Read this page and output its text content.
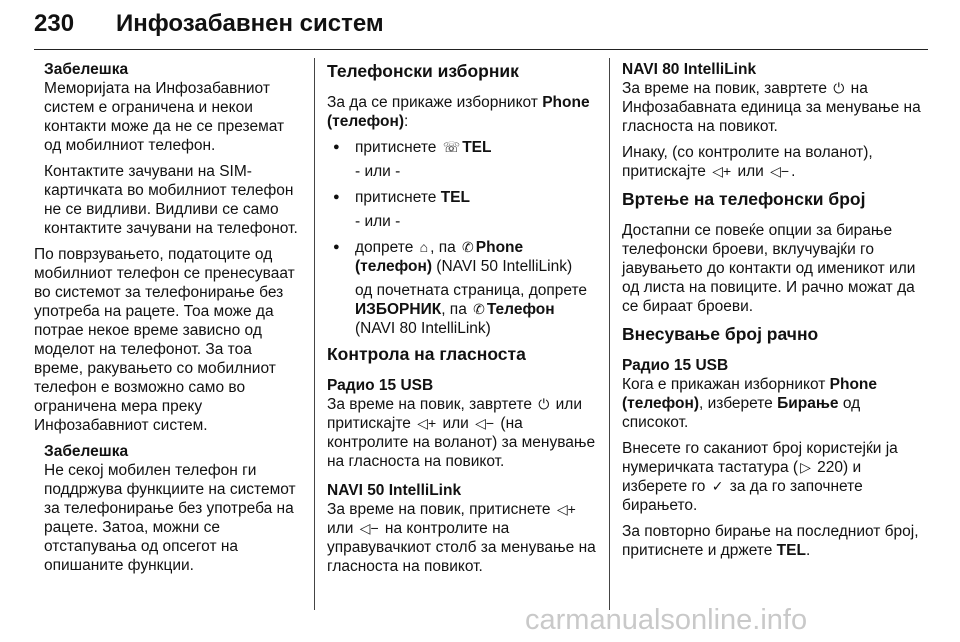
230 Инфозабавнен систем

Забелешка

Меморијата на Инфозабавниот систем е ограничена и некои контакти може да не се преземат од мобилниот телефон.

Контактите зачувани на SIM-картичката во мобилниот телефон не се видливи. Видливи се само контактите зачувани на телефонот.

По поврзувањето, податоците од мобилниот телефон се пренесуваат во системот за телефонирање без употреба на рацете. Тоа може да потрае некое време зависно од моделот на телефонот. За тоа време, ракувањето со мобилниот телефон е возможно само во ограничена мера преку Инфозабавниот систем.

Забелешка

Не секој мобилен телефон ги поддржува функциите на системот за телефонирање без употреба на рацете. Затоа, можни се отстапувања од опсегот на опишаните функции.

Телефонски изборник

За да се прикаже изборникот Phone (телефон):

● притиснете ☏ TEL

- или -

● притиснете TEL

- или -

● допрете ⌂ , па ✆ Phone (телефон) (NAVI 50 IntelliLink)

од почетната страница, допрете ИЗБОРНИК, па ✆ Телефон (NAVI 80 IntelliLink)

Контрола на гласноста

Радио 15 USB

За време на повик, завртете ⏻ или притискајте ◁+ или ◁− (на контролите на воланот) за менување на гласноста на повикот.

NAVI 50 IntelliLink

За време на повик, притиснете ◁+ или ◁− на контролите на управувачкиот столб за менување на гласноста на повикот.

NAVI 80 IntelliLink

За време на повик, завртете ⏻ на Инфозабавната единица за менување на гласноста на повикот.

Инаку, (со контролите на воланот), притискајте ◁+ или ◁− .

Вртење на телефонски број

Достапни се повеќе опции за бирање телефонски броеви, вклучувајќи го јавувањето до контакти од именикот или од листа на повиците. И рачно можат да се бираат броеви.

Внесување број рачно

Радио 15 USB

Кога е прикажан изборникот Phone (телефон), изберете Бирање од списокот.

Внесете го саканиот број користејќи ја нумеричката тастатура ( ▷ 220) и изберете го ✓ за да го започнете бирањето.

За повторно бирање на последниот број, притиснете и држете TEL.

carmanualsonline.info
